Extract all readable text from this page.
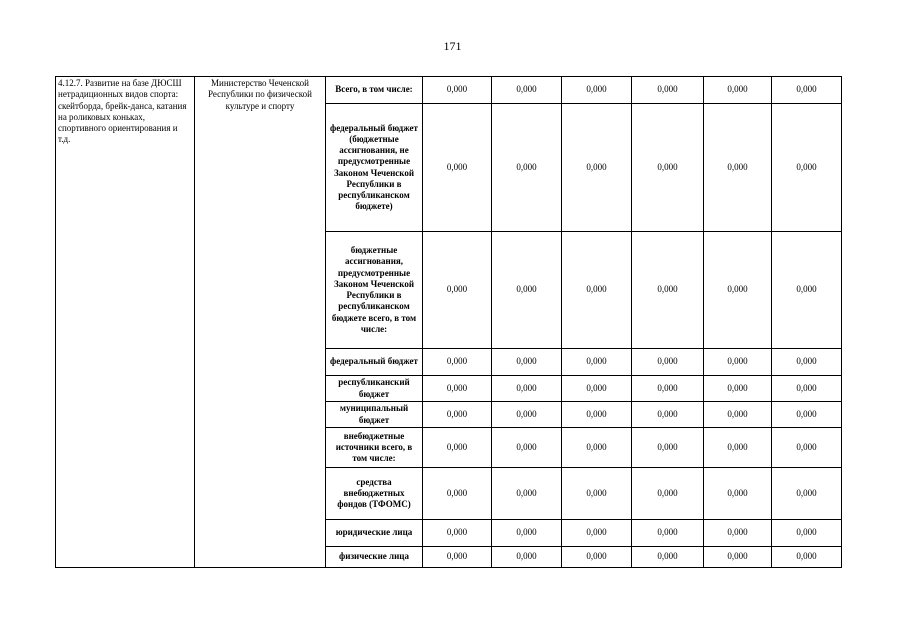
171
4.12.7. Развитие на базе ДЮСШ нетрадиционных видов спорта: скейтборда, брейк-данса, катания на роликовых коньках, спортивного ориентирования и т.д.	Министерство Чеченской Республики по физической культуре и спорту	Всего, в том числе:	0,000	0,000	0,000	0,000	0,000	0,000
		федеральный бюджет (бюджетные ассигнования, не предусмотренные Законом Чеченской Республики в республиканском бюджете)	0,000	0,000	0,000	0,000	0,000	0,000
		бюджетные ассигнования, предусмотренные Законом Чеченской Республики в республиканском бюджете всего, в том числе:	0,000	0,000	0,000	0,000	0,000	0,000
		федеральный бюджет	0,000	0,000	0,000	0,000	0,000	0,000
		республиканский бюджет	0,000	0,000	0,000	0,000	0,000	0,000
		муниципальный бюджет	0,000	0,000	0,000	0,000	0,000	0,000
		внебюджетные источники всего, в том числе:	0,000	0,000	0,000	0,000	0,000	0,000
		средства внебюджетных фондов (ТФОМС)	0,000	0,000	0,000	0,000	0,000	0,000
		юридические лица	0,000	0,000	0,000	0,000	0,000	0,000
		физические лица	0,000	0,000	0,000	0,000	0,000	0,000
